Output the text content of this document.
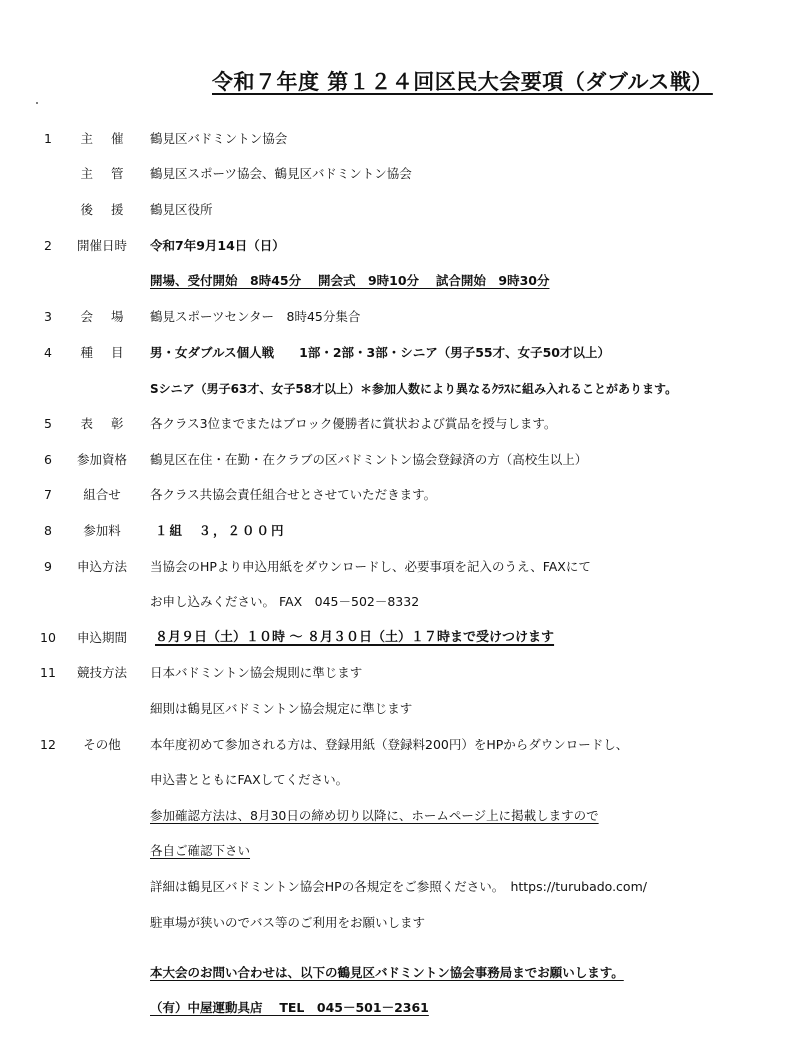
令和７年度 第１２４回区民大会要項（ダブルス戦）
1	主 催	鶴見区バドミントン協会
主 管	鶴見区スポーツ協会、鶴見区バドミントン協会
後 援	鶴見区役所
2	開催日時	令和7年9月14日（日）
開場、受付開始　8時45分　 開会式　9時10分　 試合開始　9時30分
3	会 場	鶴見スポーツセンター　8時45分集合
4	種 目	男・女ダブルス個人戦　　1部・2部・3部・シニア（男子55才、女子50才以上）
Sシニア（男子63才、女子58才以上）＊参加人数により異なるｸﾗｽに組み入れることがあります。
5	表 彰	各クラス3位までまたはブロック優勝者に賞状および賞品を授与します。
6	参加資格	鶴見区在住・在勤・在クラブの区バドミントン協会登録済の方（高校生以上）
7	組合せ	各クラス共協会責任組合せとさせていただきます。
8	参加料	１組　３，２００円
9	申込方法	当協会のHPより申込用紙をダウンロードし、必要事項を記入のうえ、FAXにて
お申し込みください。 FAX　045－502－8332
10	申込期間	８月９日（土）１０時 ～ ８月３０日（土）１７時まで受けつけます
11	競技方法	日本バドミントン協会規則に準じます
細則は鶴見区バドミントン協会規定に準じます
12	その他	本年度初めて参加される方は、登録用紙（登録料200円）をHPからダウンロードし、
申込書とともにFAXしてください。
参加確認方法は、8月30日の締め切り以降に、ホームページ上に掲載しますので
各自ご確認下さい
詳細は鶴見区バドミントン協会HPの各規定をご参照ください。　https://turubado.com/
駐車場が狭いのでバス等のご利用をお願いします
本大会のお問い合わせは、以下の鶴見区バドミントン協会事務局までお願いします。
（有）中屋運動具店　 TEL　045－501－2361
